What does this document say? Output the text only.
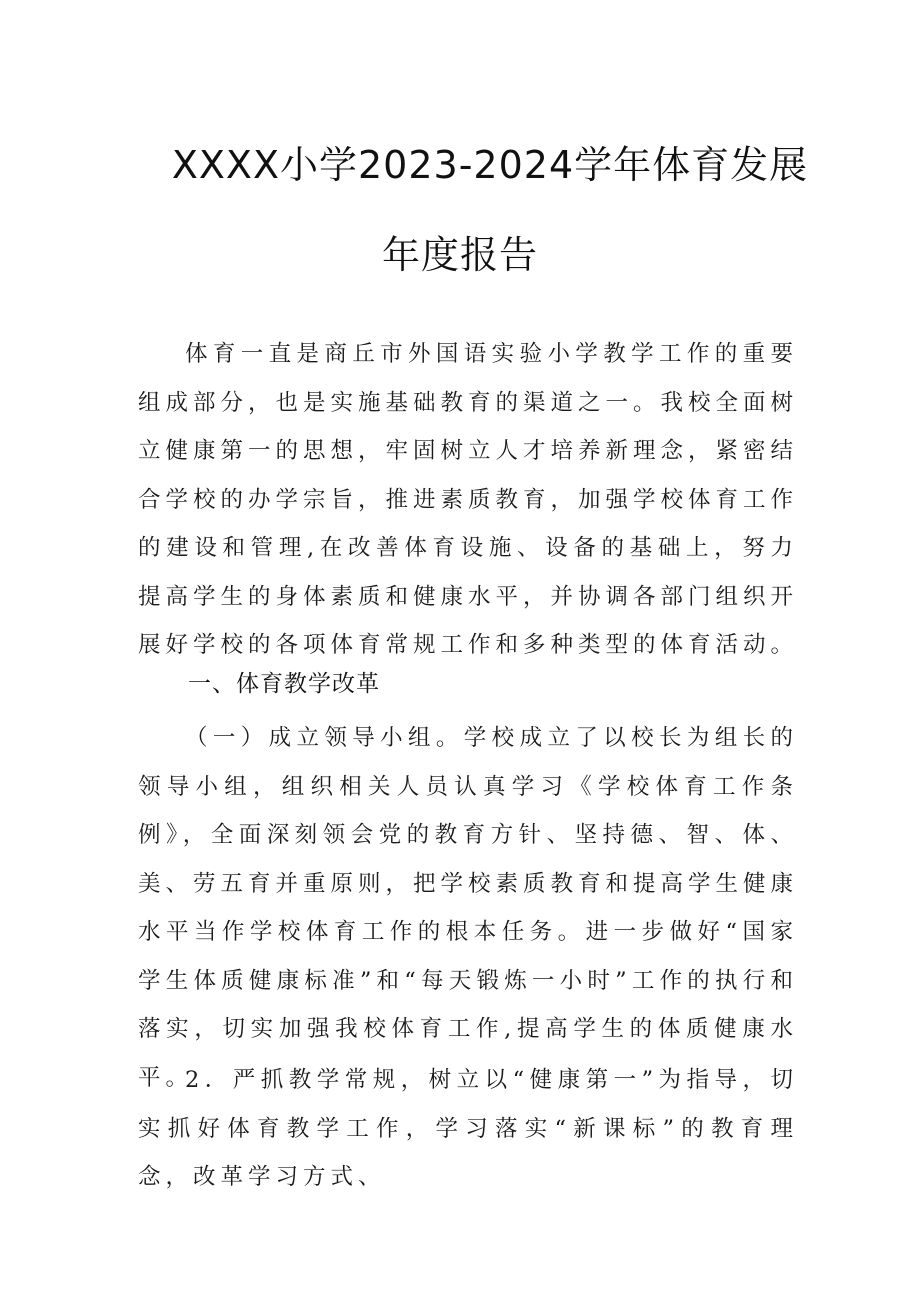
XXXX小学2023-2024学年体育发展
年度报告
体育一直是商丘市外国语实验小学教学工作的重要组成部分，也是实施基础教育的渠道之一。我校全面树立健康第一的思想，牢固树立人才培养新理念，紧密结合学校的办学宗旨，推进素质教育，加强学校体育工作的建设和管理,在改善体育设施、设备的基础上，努力提高学生的身体素质和健康水平，并协调各部门组织开展好学校的各项体育常规工作和多种类型的体育活动。
一、体育教学改革
（一）成立领导小组。学校成立了以校长为组长的领导小组，组织相关人员认真学习《学校体育工作条例》，全面深刻领会党的教育方针、坚持德、智、体、美、劳五育并重原则，把学校素质教育和提高学生健康水平当作学校体育工作的根本任务。进一步做好“国家学生体质健康标准”和“每天锻炼一小时”工作的执行和落实，切实加强我校体育工作,提高学生的体质健康水平。
2．严抓教学常规，树立以“健康第一”为指导，切实抓好体育教学工作，学习落实“新课标”的教育理念，改革学习方式、
